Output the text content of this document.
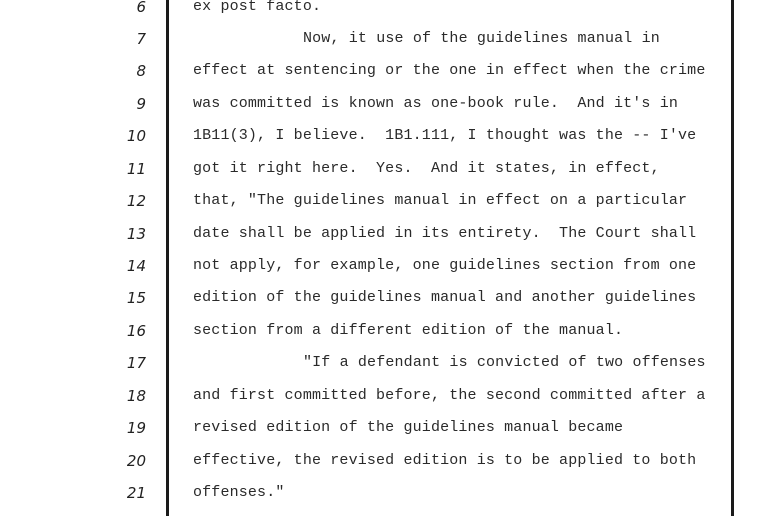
6	ex post facto.
7	Now, it use of the guidelines manual in
8	effect at sentencing or the one in effect when the crime
9	was committed is known as one-book rule.  And it's in
10	1B11(3), I believe.  1B1.111, I thought was the -- I've
11	got it right here.  Yes.  And it states, in effect,
12	that, "The guidelines manual in effect on a particular
13	date shall be applied in its entirety.  The Court shall
14	not apply, for example, one guidelines section from one
15	edition of the guidelines manual and another guidelines
16	section from a different edition of the manual.
17	"If a defendant is convicted of two offenses
18	and first committed before, the second committed after a
19	revised edition of the guidelines manual became
20	effective, the revised edition is to be applied to both
21	offenses."
